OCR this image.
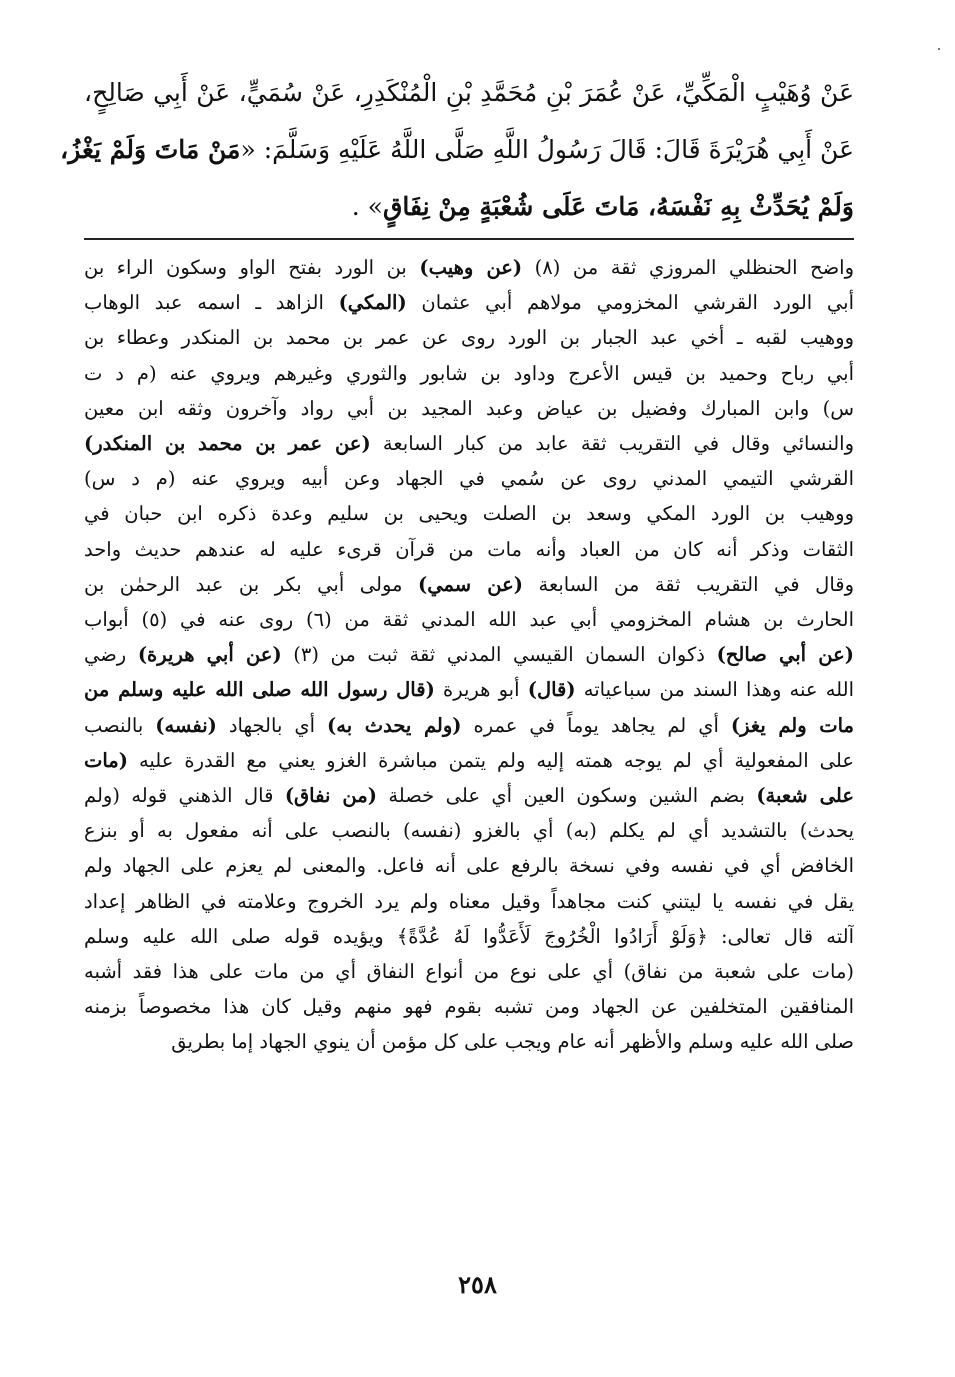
عَنْ وُهَيْبٍ الْمَكِّيِّ، عَنْ عُمَرَ بْنِ مُحَمَّدِ بْنِ الْمُنْكَدِرِ، عَنْ سُمَيٍّ، عَنْ أَبِي صَالِحٍ،
عَنْ أَبِي هُرَيْرَةَ قَالَ: قَالَ رَسُولُ اللَّهِ صَلَّى اللَّهُ عَلَيْهِ وَسَلَّمَ: «مَنْ مَاتَ وَلَمْ يَغْزُ،
وَلَمْ يُحَدِّثْ بِهِ نَفْسَهُ، مَاتَ عَلَى شُعْبَةٍ مِنْ نِفَاقٍ» .
واضح الحنظلي المروزي ثقة من (٨) (عن وهيب) بن الورد بفتح الواو وسكون الراء بن
أبي الورد القرشي المخزومي مولاهم أبي عثمان (المكي) الزاهد ـ اسمه عبد الوهاب
ووهيب لقبه ـ أخي عبد الجبار بن الورد روى عن عمر بن محمد بن المنكدر وعطاء بن
أبي رباح وحميد بن قيس الأعرج وداود بن شابور والثوري وغيرهم ويروي عنه (م د ت
س) وابن المبارك وفضيل بن عياض وعبد المجيد بن أبي رواد وآخرون وثقه ابن معين
والنسائي وقال في التقريب ثقة عابد من كبار السابعة (عن عمر بن محمد بن المنكدر)
القرشي التيمي المدني روى عن سُمي في الجهاد وعن أبيه ويروي عنه (م د س)
ووهيب بن الورد المكي وسعد بن الصلت ويحيى بن سليم وعدة ذكره ابن حبان في
الثقات وذكر أنه كان من العباد وأنه مات من قرآن قرىء عليه له عندهم حديث واحد
وقال في التقريب ثقة من السابعة (عن سمي) مولى أبي بكر بن عبد الرحمٰن بن
الحارث بن هشام المخزومي أبي عبد الله المدني ثقة من (٦) روى عنه في (٥) أبواب
(عن أبي صالح) ذكوان السمان القيسي المدني ثقة ثبت من (٣) (عن أبي هريرة) رضي
الله عنه وهذا السند من سباعياته (قال) أبو هريرة (قال رسول الله صلى الله عليه وسلم من
مات ولم يغز) أي لم يجاهد يوماً في عمره (ولم يحدث به) أي بالجهاد (نفسه) بالنصب
على المفعولية أي لم يوجه همته إليه ولم يتمن مباشرة الغزو يعني مع القدرة عليه (مات
على شعبة) بضم الشين وسكون العين أي على خصلة (من نفاق) قال الذهني قوله (ولم
يحدث) بالتشديد أي لم يكلم (به) أي بالغزو (نفسه) بالنصب على أنه مفعول به أو بنزع
الخافض أي في نفسه وفي نسخة بالرفع على أنه فاعل. والمعنى لم يعزم على الجهاد ولم
يقل في نفسه يا ليتني كنت مجاهداً وقيل معناه ولم يرد الخروج وعلامته في الظاهر إعداد
آلته قال تعالى: ﴿وَلَوْ أَرَادُوا الْخُرُوجَ لَأَعَدُّوا لَهُ عُدَّةً﴾ ويؤيده قوله صلى الله عليه وسلم
(مات على شعبة من نفاق) أي على نوع من أنواع النفاق أي من مات على هذا فقد أشبه
المنافقين المتخلفين عن الجهاد ومن تشبه بقوم فهو منهم وقيل كان هذا مخصوصاً بزمنه
صلى الله عليه وسلم والأظهر أنه عام ويجب على كل مؤمن أن ينوي الجهاد إما بطريق
٢٥٨
